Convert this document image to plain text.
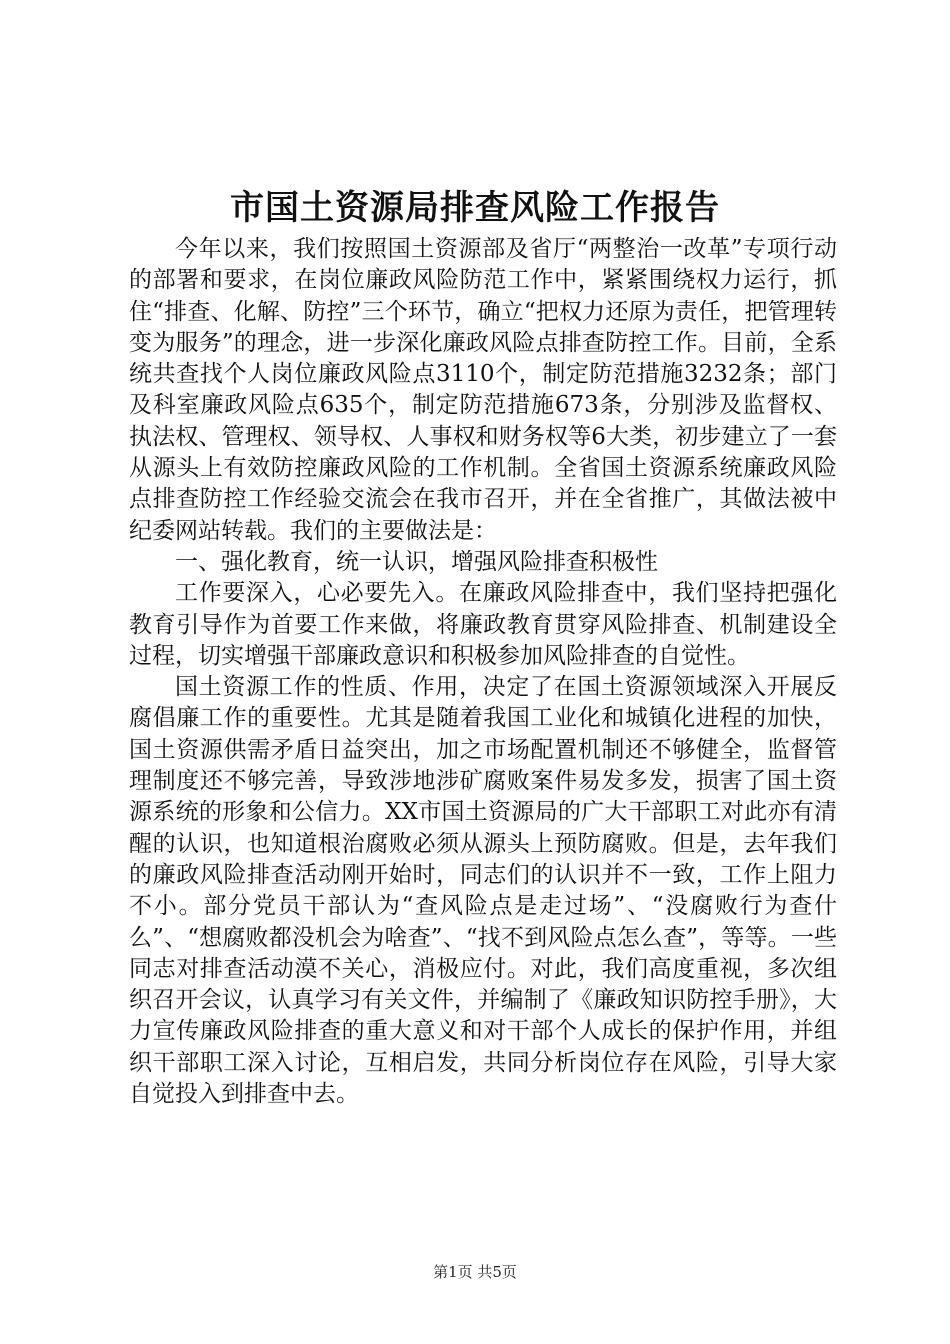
市国土资源局排查风险工作报告

今年以来，我们按照国土资源部及省厅“两整治一改革”专项行动的部署和要求，在岗位廉政风险防范工作中，紧紧围绕权力运行，抓住“排查、化解、防控”三个环节，确立“把权力还原为责任，把管理转变为服务”的理念，进一步深化廉政风险点排查防控工作。目前，全系统共查找个人岗位廉政风险点3110个，制定防范措施3232条；部门及科室廉政风险点635个，制定防范措施673条，分别涉及监督权、执法权、管理权、领导权、人事权和财务权等6大类，初步建立了一套从源头上有效防控廉政风险的工作机制。全省国土资源系统廉政风险点排查防控工作经验交流会在我市召开，并在全省推广，其做法被中纪委网站转载。我们的主要做法是：

一、强化教育，统一认识，增强风险排查积极性

工作要深入，心必要先入。在廉政风险排查中，我们坚持把强化教育引导作为首要工作来做，将廉政教育贯穿风险排查、机制建设全过程，切实增强干部廉政意识和积极参加风险排查的自觉性。

国土资源工作的性质、作用，决定了在国土资源领域深入开展反腐倡廉工作的重要性。尤其是随着我国工业化和城镇化进程的加快，国土资源供需矛盾日益突出，加之市场配置机制还不够健全，监督管理制度还不够完善，导致涉地涉矿腐败案件易发多发，损害了国土资源系统的形象和公信力。XX市国土资源局的广大干部职工对此亦有清醒的认识，也知道根治腐败必须从源头上预防腐败。但是，去年我们的廉政风险排查活动刚开始时，同志们的认识并不一致，工作上阻力不小。部分党员干部认为“查风险点是走过场”、“没腐败行为查什么”、“想腐败都没机会为啥查”、“找不到风险点怎么查”，等等。一些同志对排查活动漠不关心，消极应付。对此，我们高度重视，多次组织召开会议，认真学习有关文件，并编制了《廉政知识防控手册》，大力宣传廉政风险排查的重大意义和对干部个人成长的保护作用，并组织干部职工深入讨论，互相启发，共同分析岗位存在风险，引导大家自觉投入到排查中去。

第1页 共5页
